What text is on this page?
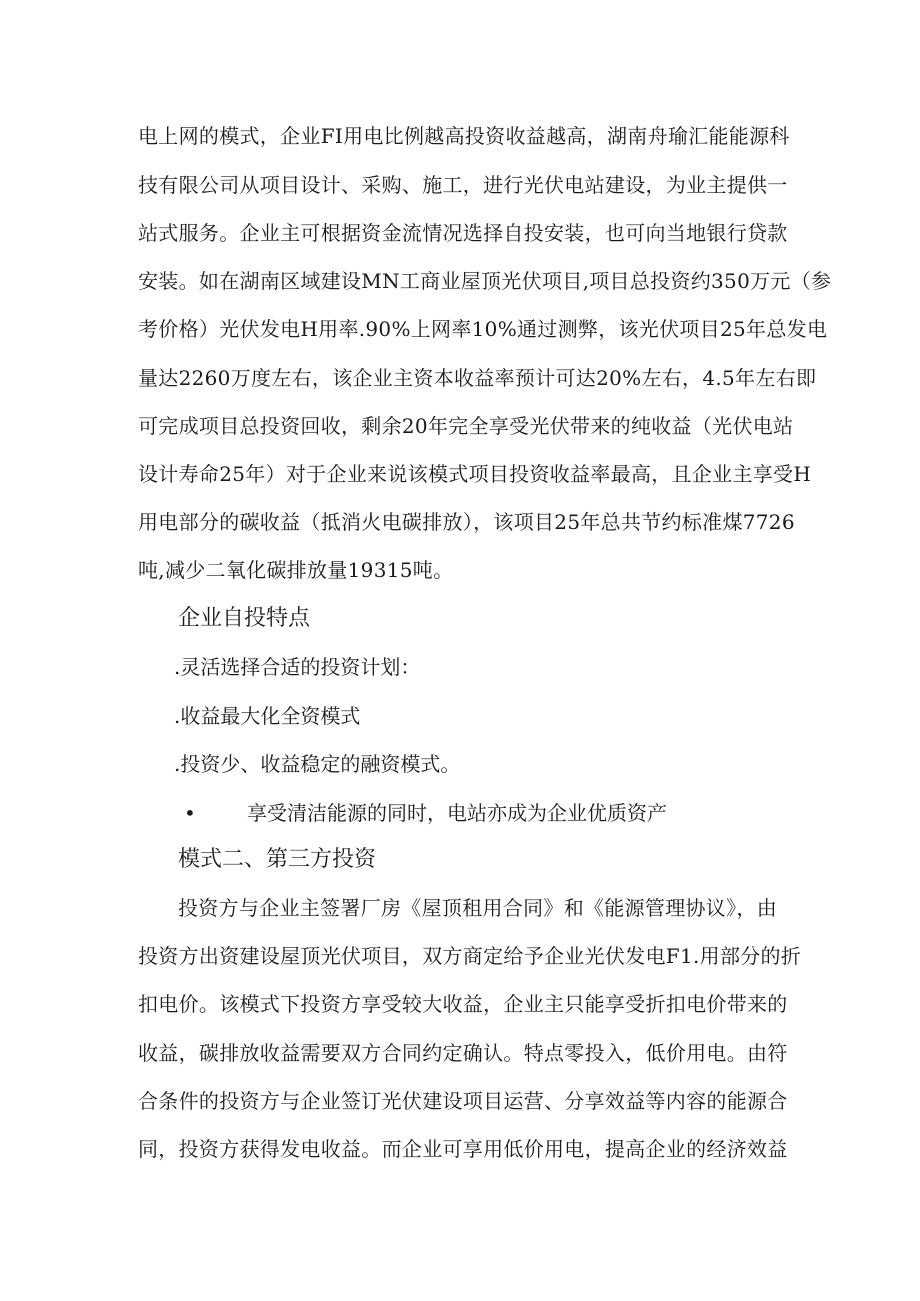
电上网的模式，企业FI用电比例越高投资收益越高，湖南舟瑜汇能能源科
技有限公司从项目设计、采购、施工，进行光伏电站建设，为业主提供一
站式服务。企业主可根据资金流情况选择自投安装，也可向当地银行贷款
安装。如在湖南区域建设MN工商业屋顶光伏项目,项目总投资约350万元（参
考价格）光伏发电H用率.90%上网率10%通过测弊，该光伏项目25年总发电
量达2260万度左右，该企业主资本收益率预计可达20%左右，4.5年左右即
可完成项目总投资回收，剩余20年完全享受光伏带来的纯收益（光伏电站
设计寿命25年）对于企业来说该模式项目投资收益率最高，且企业主享受H
用电部分的碳收益（抵消火电碳排放），该项目25年总共节约标准煤7726
吨,减少二氧化碳排放量19315吨。
企业自投特点
.灵活选择合适的投资计划：
.收益最大化全资模式
.投资少、收益稳定的融资模式。
•	享受清洁能源的同时，电站亦成为企业优质资产
模式二、第三方投资
投资方与企业主签署厂房《屋顶租用合同》和《能源管理协议》，由
投资方出资建设屋顶光伏项目，双方商定给予企业光伏发电F1.用部分的折
扣电价。该模式下投资方享受较大收益，企业主只能享受折扣电价带来的
收益，碳排放收益需要双方合同约定确认。特点零投入，低价用电。由符
合条件的投资方与企业签订光伏建设项目运营、分享效益等内容的能源合
同，投资方获得发电收益。而企业可享用低价用电，提高企业的经济效益
